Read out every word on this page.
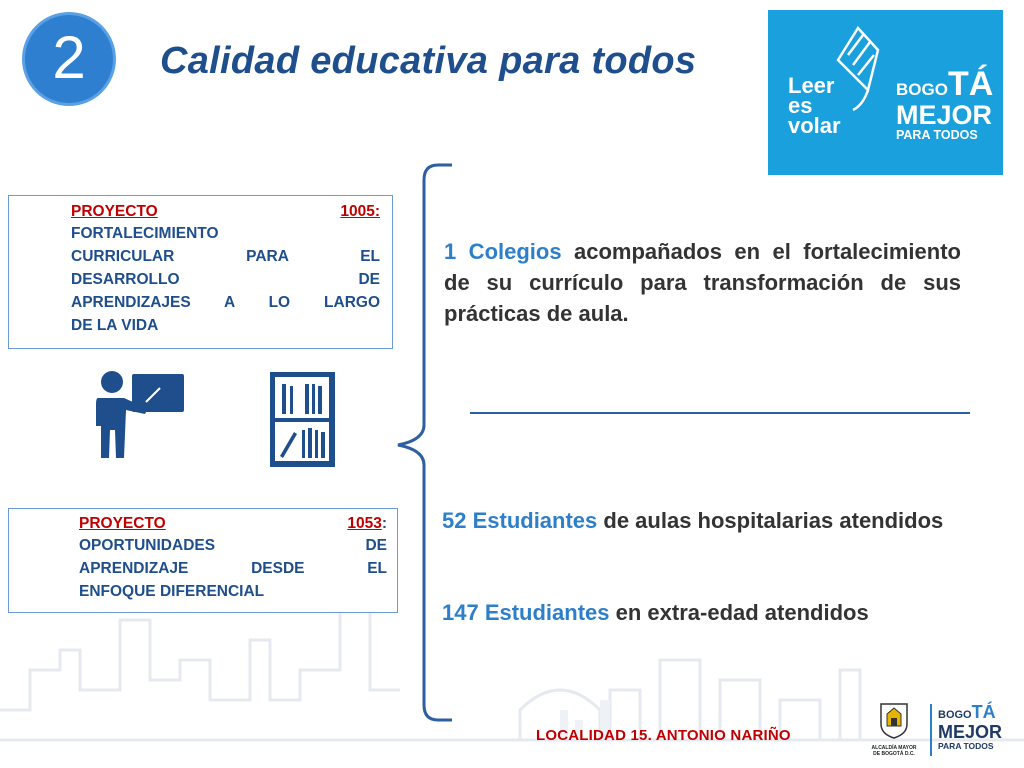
2	Calidad educativa para todos
Leer
es
volar
BOGOTÁ
MEJOR
PARA TODOS
PROYECTO	1005:
FORTALECIMIENTO
CURRICULAR PARA EL
DESARROLLO DE
APRENDIZAJES A LO LARGO
DE LA VIDA
PROYECTO	1053:
OPORTUNIDADES DE
APRENDIZAJE DESDE EL
ENFOQUE DIFERENCIAL
1 Colegios acompañados en el fortalecimiento de su currículo para transformación de sus prácticas de aula.
52 Estudiantes de aulas hospitalarias atendidos
147 Estudiantes en extra-edad atendidos
LOCALIDAD 15. ANTONIO NARIÑO
ALCALDÍA MAYOR
DE BOGOTÁ D.C.
BOGOTÁ
MEJOR
PARA TODOS
